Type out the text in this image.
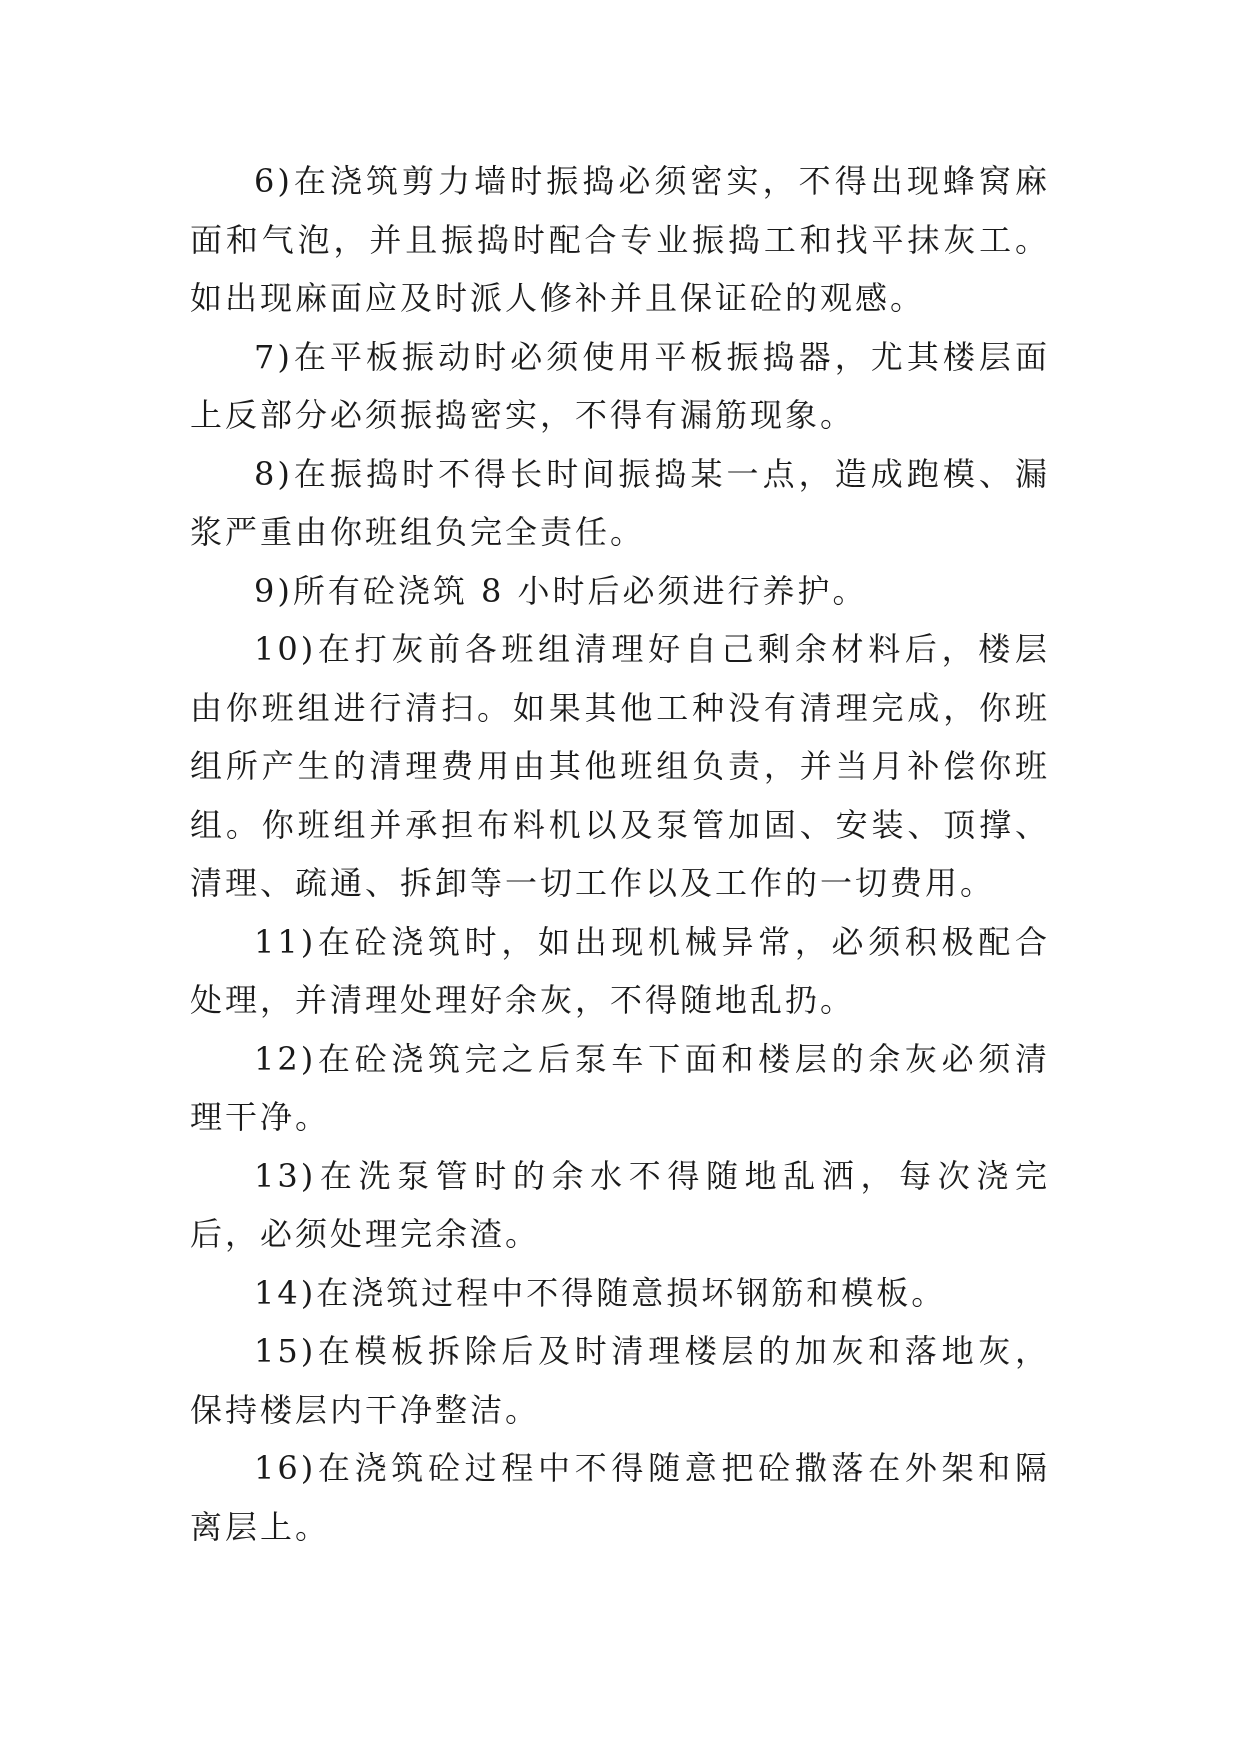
6)在浇筑剪力墙时振捣必须密实，不得出现蜂窝麻面和气泡，并且振捣时配合专业振捣工和找平抹灰工。如出现麻面应及时派人修补并且保证砼的观感。

7)在平板振动时必须使用平板振捣器，尤其楼层面上反部分必须振捣密实，不得有漏筋现象。

8)在振捣时不得长时间振捣某一点，造成跑模、漏浆严重由你班组负完全责任。

9)所有砼浇筑 8 小时后必须进行养护。

10)在打灰前各班组清理好自己剩余材料后，楼层由你班组进行清扫。如果其他工种没有清理完成，你班组所产生的清理费用由其他班组负责，并当月补偿你班组。你班组并承担布料机以及泵管加固、安装、顶撑、清理、疏通、拆卸等一切工作以及工作的一切费用。

11)在砼浇筑时，如出现机械异常，必须积极配合处理，并清理处理好余灰，不得随地乱扔。

12)在砼浇筑完之后泵车下面和楼层的余灰必须清理干净。

13)在洗泵管时的余水不得随地乱洒，每次浇完后，必须处理完余渣。

14)在浇筑过程中不得随意损坏钢筋和模板。

15)在模板拆除后及时清理楼层的加灰和落地灰，保持楼层内干净整洁。

16)在浇筑砼过程中不得随意把砼撒落在外架和隔离层上。
